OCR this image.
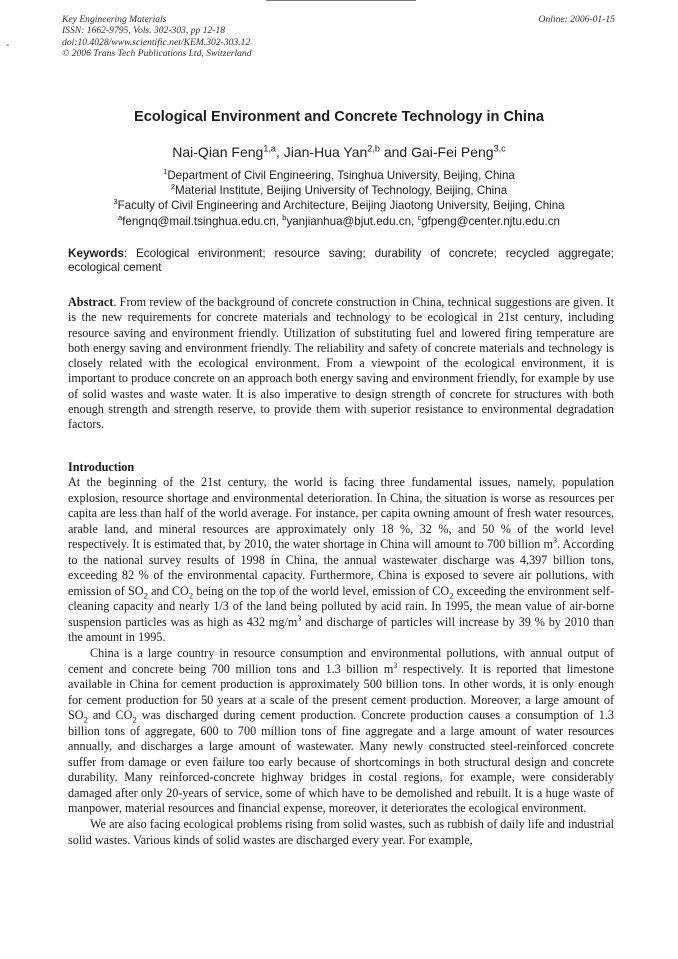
-
Key Engineering Materials
ISSN: 1662-9795, Vols. 302-303, pp 12-18
doi:10.4028/www.scientific.net/KEM.302-303.12
© 2006 Trans Tech Publications Ltd, Switzerland
Online: 2006-01-15
Ecological Environment and Concrete Technology in China
Nai-Qian Feng$^{1,a}$, Jian-Hua Yan$^{2,b}$ and Gai-Fei Peng$^{3,c}$
$^1$Department of Civil Engineering, Tsinghua University, Beijing, China
$^2$Material Institute, Beijing University of Technology, Beijing, China
$^3$Faculty of Civil Engineering and Architecture, Beijing Jiaotong University, Beijing, China
$^a$fengnq@mail.tsinghua.edu.cn, $^b$yanjianhua@bjut.edu.cn, $^c$gfpeng@center.njtu.edu.cn
Keywords: Ecological environment; resource saving; durability of concrete; recycled aggregate; ecological cement
Abstract. From review of the background of concrete construction in China, technical suggestions are given. It is the new requirements for concrete materials and technology to be ecological in 21st century, including resource saving and environment friendly. Utilization of substituting fuel and lowered firing temperature are both energy saving and environment friendly. The reliability and safety of concrete materials and technology is closely related with the ecological environment. From a viewpoint of the ecological environment, it is important to produce concrete on an approach both energy saving and environment friendly, for example by use of solid wastes and waste water. It is also imperative to design strength of concrete for structures with both enough strength and strength reserve, to provide them with superior resistance to environmental degradation factors.
Introduction

At the beginning of the 21st century, the world is facing three fundamental issues, namely, population explosion, resource shortage and environmental deterioration. In China, the situation is worse as resources per capita are less than half of the world average. For instance, per capita owning amount of fresh water resources, arable land, and mineral resources are approximately only 18 %, 32 %, and 50 % of the world level respectively. It is estimated that, by 2010, the water shortage in China will amount to 700 billion $m^3$. According to the national survey results of 1998 in China, the annual wastewater discharge was 4,397 billion tons, exceeding 82 % of the environmental capacity. Furthermore, China is exposed to severe air pollutions, with emission of $SO_2$ and $CO_2$ being on the top of the world level, emission of $CO_2$ exceeding the environment self-cleaning capacity and nearly 1/3 of the land being polluted by acid rain. In 1995, the mean value of air-borne suspension particles was as high as 432 $mg/m^3$ and discharge of particles will increase by 39 % by 2010 than the amount in 1995.

China is a large country in resource consumption and environmental pollutions, with annual output of cement and concrete being 700 million tons and 1.3 billion $m^3$ respectively. It is reported that limestone available in China for cement production is approximately 500 billion tons. In other words, it is only enough for cement production for 50 years at a scale of the present cement production. Moreover, a large amount of $SO_2$ and $CO_2$ was discharged during cement production. Concrete production causes a consumption of 1.3 billion tons of aggregate, 600 to 700 million tons of fine aggregate and a large amount of water resources annually, and discharges a large amount of wastewater. Many newly constructed steel-reinforced concrete suffer from damage or even failure too early because of shortcomings in both structural design and concrete durability. Many reinforced-concrete highway bridges in costal regions, for example, were considerably damaged after only 20-years of service, some of which have to be demolished and rebuilt. It is a huge waste of manpower, material resources and financial expense, moreover, it deteriorates the ecological environment.

We are also facing ecological problems rising from solid wastes, such as rubbish of daily life and industrial solid wastes. Various kinds of solid wastes are discharged every year. For example,
